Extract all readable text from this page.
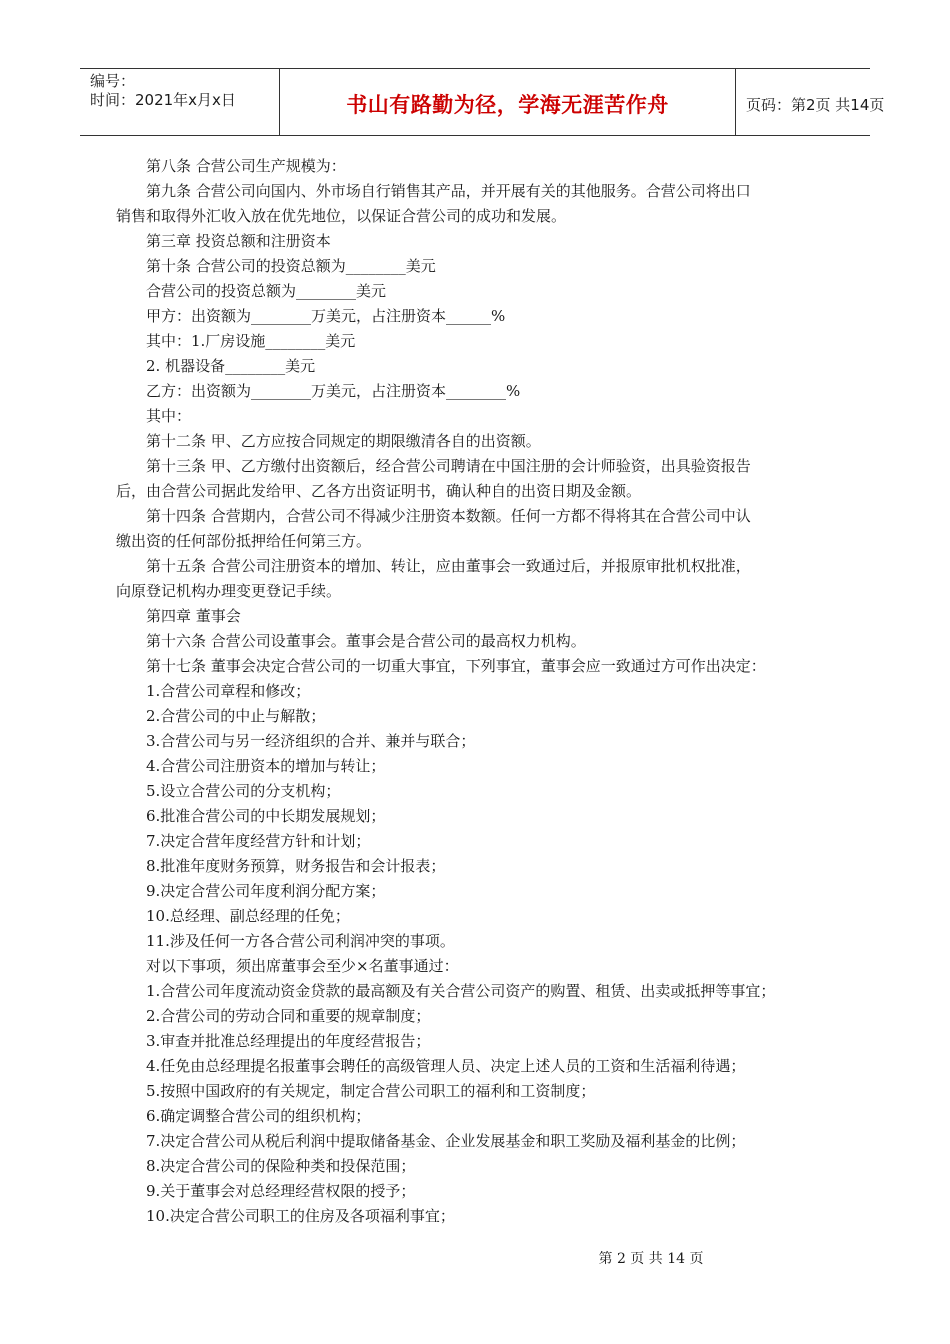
编号：
时间：2021年x月x日	书山有路勤为径，学海无涯苦作舟	页码：第2页 共14页

第八条 合营公司生产规模为：

第九条 合营公司向国内、外市场自行销售其产品，并开展有关的其他服务。合营公司将出口

销售和取得外汇收入放在优先地位，以保证合营公司的成功和发展。

第三章 投资总额和注册资本

第十条 合营公司的投资总额为________美元

合营公司的投资总额为________美元

甲方：出资额为________万美元，占注册资本______%

其中：1.厂房设施________美元

2. 机器设备________美元

乙方：出资额为________万美元，占注册资本________%

其中：

第十二条 甲、乙方应按合同规定的期限缴清各自的出资额。

第十三条 甲、乙方缴付出资额后，经合营公司聘请在中国注册的会计师验资，出具验资报告

后，由合营公司据此发给甲、乙各方出资证明书，确认种自的出资日期及金额。

第十四条 合营期内，合营公司不得减少注册资本数额。任何一方都不得将其在合营公司中认

缴出资的任何部份抵押给任何第三方。

第十五条 合营公司注册资本的增加、转让，应由董事会一致通过后，并报原审批机权批准，

向原登记机构办理变更登记手续。

第四章 董事会

第十六条 合营公司设董事会。董事会是合营公司的最高权力机构。

第十七条 董事会决定合营公司的一切重大事宜，下列事宜，董事会应一致通过方可作出决定：

1.合营公司章程和修改；

2.合营公司的中止与解散；

3.合营公司与另一经济组织的合并、兼并与联合；

4.合营公司注册资本的增加与转让；

5.设立合营公司的分支机构；

6.批准合营公司的中长期发展规划；

7.决定合营年度经营方针和计划；

8.批准年度财务预算，财务报告和会计报表；

9.决定合营公司年度利润分配方案；

10.总经理、副总经理的任免；

11.涉及任何一方各合营公司利润冲突的事项。

对以下事项，须出席董事会至少×名董事通过：

1.合营公司年度流动资金贷款的最高额及有关合营公司资产的购置、租赁、出卖或抵押等事宜；

2.合营公司的劳动合同和重要的规章制度；

3.审查并批准总经理提出的年度经营报告；

4.任免由总经理提名报董事会聘任的高级管理人员、决定上述人员的工资和生活福利待遇；

5.按照中国政府的有关规定，制定合营公司职工的福利和工资制度；

6.确定调整合营公司的组织机构；

7.决定合营公司从税后利润中提取储备基金、企业发展基金和职工奖励及福利基金的比例；

8.决定合营公司的保险种类和投保范围；

9.关于董事会对总经理经营权限的授予；

10.决定合营公司职工的住房及各项福利事宜；

第 2 页 共 14 页
